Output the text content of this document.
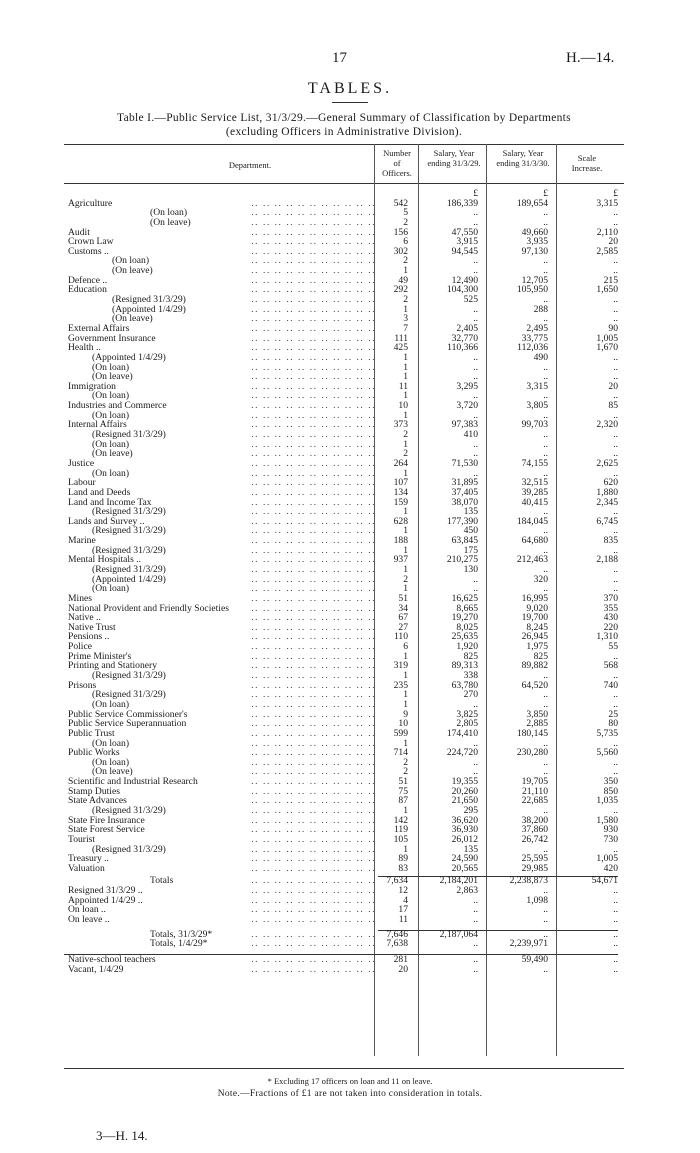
17	H.—14.
TABLES.
Table I.—Public Service List, 31/3/29.—General Summary of Classification by Departments
(excluding Officers in Administrative Division).
Department.
Number of Officers.
Salary, Year ending 31/3/29.
Salary, Year ending 31/3/30.	Scale Increase.
£	£	£
Agriculture	.. .. .. .. .. .. .. .. .. .. ..	542	186,339	189,654	3,315
(On loan)	.. .. .. .. .. .. .. .. .. .. ..	5	..	..	..
(On leave)	.. .. .. .. .. .. .. .. .. .. ..	2	..	..	..
Audit	.. .. .. .. .. .. .. .. .. .. ..	156	47,550	49,660	2,110
Crown Law	.. .. .. .. .. .. .. .. .. .. ..	6	3,915	3,935	20
Customs ..	.. .. .. .. .. .. .. .. .. .. ..	302	94,545	97,130	2,585
(On loan)	.. .. .. .. .. .. .. .. .. .. ..	2	..	..	..
(On leave)	.. .. .. .. .. .. .. .. .. .. ..	1	..	..	..
Defence ..	.. .. .. .. .. .. .. .. .. .. ..	49	12,490	12,705	215
Education	.. .. .. .. .. .. .. .. .. .. ..	292	104,300	105,950	1,650
(Resigned 31/3/29)	.. .. .. .. .. .. .. .. .. .. ..	2	525	..	..
(Appointed 1/4/29)	.. .. .. .. .. .. .. .. .. .. ..	1	..	288	..
(On leave)	.. .. .. .. .. .. .. .. .. .. ..	3	..	..	..
External Affairs	.. .. .. .. .. .. .. .. .. .. ..	7	2,405	2,495	90
Government Insurance	.. .. .. .. .. .. .. .. .. .. ..	111	32,770	33,775	1,005
Health ..	.. .. .. .. .. .. .. .. .. .. ..	425	110,366	112,036	1,670
(Appointed 1/4/29)	.. .. .. .. .. .. .. .. .. .. ..	1	..	490	..
(On loan)	.. .. .. .. .. .. .. .. .. .. ..	1	..	..	..
(On leave)	.. .. .. .. .. .. .. .. .. .. ..	1	..	..	..
Immigration	.. .. .. .. .. .. .. .. .. .. ..	11	3,295	3,315	20
(On loan)	.. .. .. .. .. .. .. .. .. .. ..	1	..	..	..
Industries and Commerce	.. .. .. .. .. .. .. .. .. .. ..	10	3,720	3,805	85
(On loan)	.. .. .. .. .. .. .. .. .. .. ..	1	..	..	..
Internal Affairs	.. .. .. .. .. .. .. .. .. .. ..	373	97,383	99,703	2,320
(Resigned 31/3/29)	.. .. .. .. .. .. .. .. .. .. ..	2	410	..	..
(On loan)	.. .. .. .. .. .. .. .. .. .. ..	1	..	..	..
(On leave)	.. .. .. .. .. .. .. .. .. .. ..	2	..	..	..
Justice	.. .. .. .. .. .. .. .. .. .. ..	264	71,530	74,155	2,625
(On loan)	.. .. .. .. .. .. .. .. .. .. ..	1	..	..	..
Labour	.. .. .. .. .. .. .. .. .. .. ..	107	31,895	32,515	620
Land and Deeds	.. .. .. .. .. .. .. .. .. .. ..	134	37,405	39,285	1,880
Land and Income Tax	.. .. .. .. .. .. .. .. .. .. ..	159	38,070	40,415	2,345
(Resigned 31/3/29)	.. .. .. .. .. .. .. .. .. .. ..	1	135	..	..
Lands and Survey ..	.. .. .. .. .. .. .. .. .. .. ..	628	177,390	184,045	6,745
(Resigned 31/3/29)	.. .. .. .. .. .. .. .. .. .. ..	1	450	..	..
Marine	.. .. .. .. .. .. .. .. .. .. ..	188	63,845	64,680	835
(Resigned 31/3/29)	.. .. .. .. .. .. .. .. .. .. ..	1	175	..	..
Mental Hospitals ..	.. .. .. .. .. .. .. .. .. .. ..	937	210,275	212,463	2,188
(Resigned 31/3/29)	.. .. .. .. .. .. .. .. .. .. ..	1	130	..	..
(Appointed 1/4/29)	.. .. .. .. .. .. .. .. .. .. ..	2	..	320	..
(On loan)	.. .. .. .. .. .. .. .. .. .. ..	1	..	..	..
Mines	.. .. .. .. .. .. .. .. .. .. ..	51	16,625	16,995	370
National Provident and Friendly Societies	.. .. .. .. .. .. .. .. .. .. ..	34	8,665	9,020	355
Native ..	.. .. .. .. .. .. .. .. .. .. ..	67	19,270	19,700	430
Native Trust	.. .. .. .. .. .. .. .. .. .. ..	27	8,025	8,245	220
Pensions ..	.. .. .. .. .. .. .. .. .. .. ..	110	25,635	26,945	1,310
Police	.. .. .. .. .. .. .. .. .. .. ..	6	1,920	1,975	55
Prime Minister's	.. .. .. .. .. .. .. .. .. .. ..	1	825	825	..
Printing and Stationery	.. .. .. .. .. .. .. .. .. .. ..	319	89,313	89,882	568
(Resigned 31/3/29)	.. .. .. .. .. .. .. .. .. .. ..	1	338	..	..
Prisons	.. .. .. .. .. .. .. .. .. .. ..	235	63,780	64,520	740
(Resigned 31/3/29)	.. .. .. .. .. .. .. .. .. .. ..	1	270	..	..
(On loan)	.. .. .. .. .. .. .. .. .. .. ..	1	..	..	..
Public Service Commissioner's	.. .. .. .. .. .. .. .. .. .. ..	9	3,825	3,850	25
Public Service Superannuation	.. .. .. .. .. .. .. .. .. .. ..	10	2,805	2,885	80
Public Trust	.. .. .. .. .. .. .. .. .. .. ..	599	174,410	180,145	5,735
(On loan)	.. .. .. .. .. .. .. .. .. .. ..	1	..	..	..
Public Works	.. .. .. .. .. .. .. .. .. .. ..	714	224,720	230,280	5,560
(On loan)	.. .. .. .. .. .. .. .. .. .. ..	2	..	..	..
(On leave)	.. .. .. .. .. .. .. .. .. .. ..	2	..	..	..
Scientific and Industrial Research	.. .. .. .. .. .. .. .. .. .. ..	51	19,355	19,705	350
Stamp Duties	.. .. .. .. .. .. .. .. .. .. ..	75	20,260	21,110	850
State Advances	.. .. .. .. .. .. .. .. .. .. ..	87	21,650	22,685	1,035
(Resigned 31/3/29)	.. .. .. .. .. .. .. .. .. .. ..	1	295	..	..
State Fire Insurance	.. .. .. .. .. .. .. .. .. .. ..	142	36,620	38,200	1,580
State Forest Service	.. .. .. .. .. .. .. .. .. .. ..	119	36,930	37,860	930
Tourist	.. .. .. .. .. .. .. .. .. .. ..	105	26,012	26,742	730
(Resigned 31/3/29)	.. .. .. .. .. .. .. .. .. .. ..	1	135	..	..
Treasury ..	.. .. .. .. .. .. .. .. .. .. ..	89	24,590	25,595	1,005
Valuation	.. .. .. .. .. .. .. .. .. .. ..	83	20,565	29,985	420
Totals	.. .. .. .. .. .. .. .. .. .. ..	7,634	2,184,201	2,238,873	54,671
Resigned 31/3/29 ..	.. .. .. .. .. .. .. .. .. .. ..	12	2,863	..	..
Appointed 1/4/29 ..	.. .. .. .. .. .. .. .. .. .. ..	4	..	1,098	..
On loan ..	.. .. .. .. .. .. .. .. .. .. ..	17	..	..	..
On leave ..	.. .. .. .. .. .. .. .. .. .. ..	11	..	..	..
Totals, 31/3/29*	.. .. .. .. .. .. .. .. .. .. ..	7,646	2,187,064	..	..
Totals, 1/4/29*	.. .. .. .. .. .. .. .. .. .. ..	7,638	..	2,239,971	..
Native-school teachers	.. .. .. .. .. .. .. .. .. .. ..	281	..	59,490	..
Vacant, 1/4/29	.. .. .. .. .. .. .. .. .. .. ..	20	..	..	..
* Excluding 17 officers on loan and 11 on leave.
Note.—Fractions of £1 are not taken into consideration in totals.
3—H. 14.
